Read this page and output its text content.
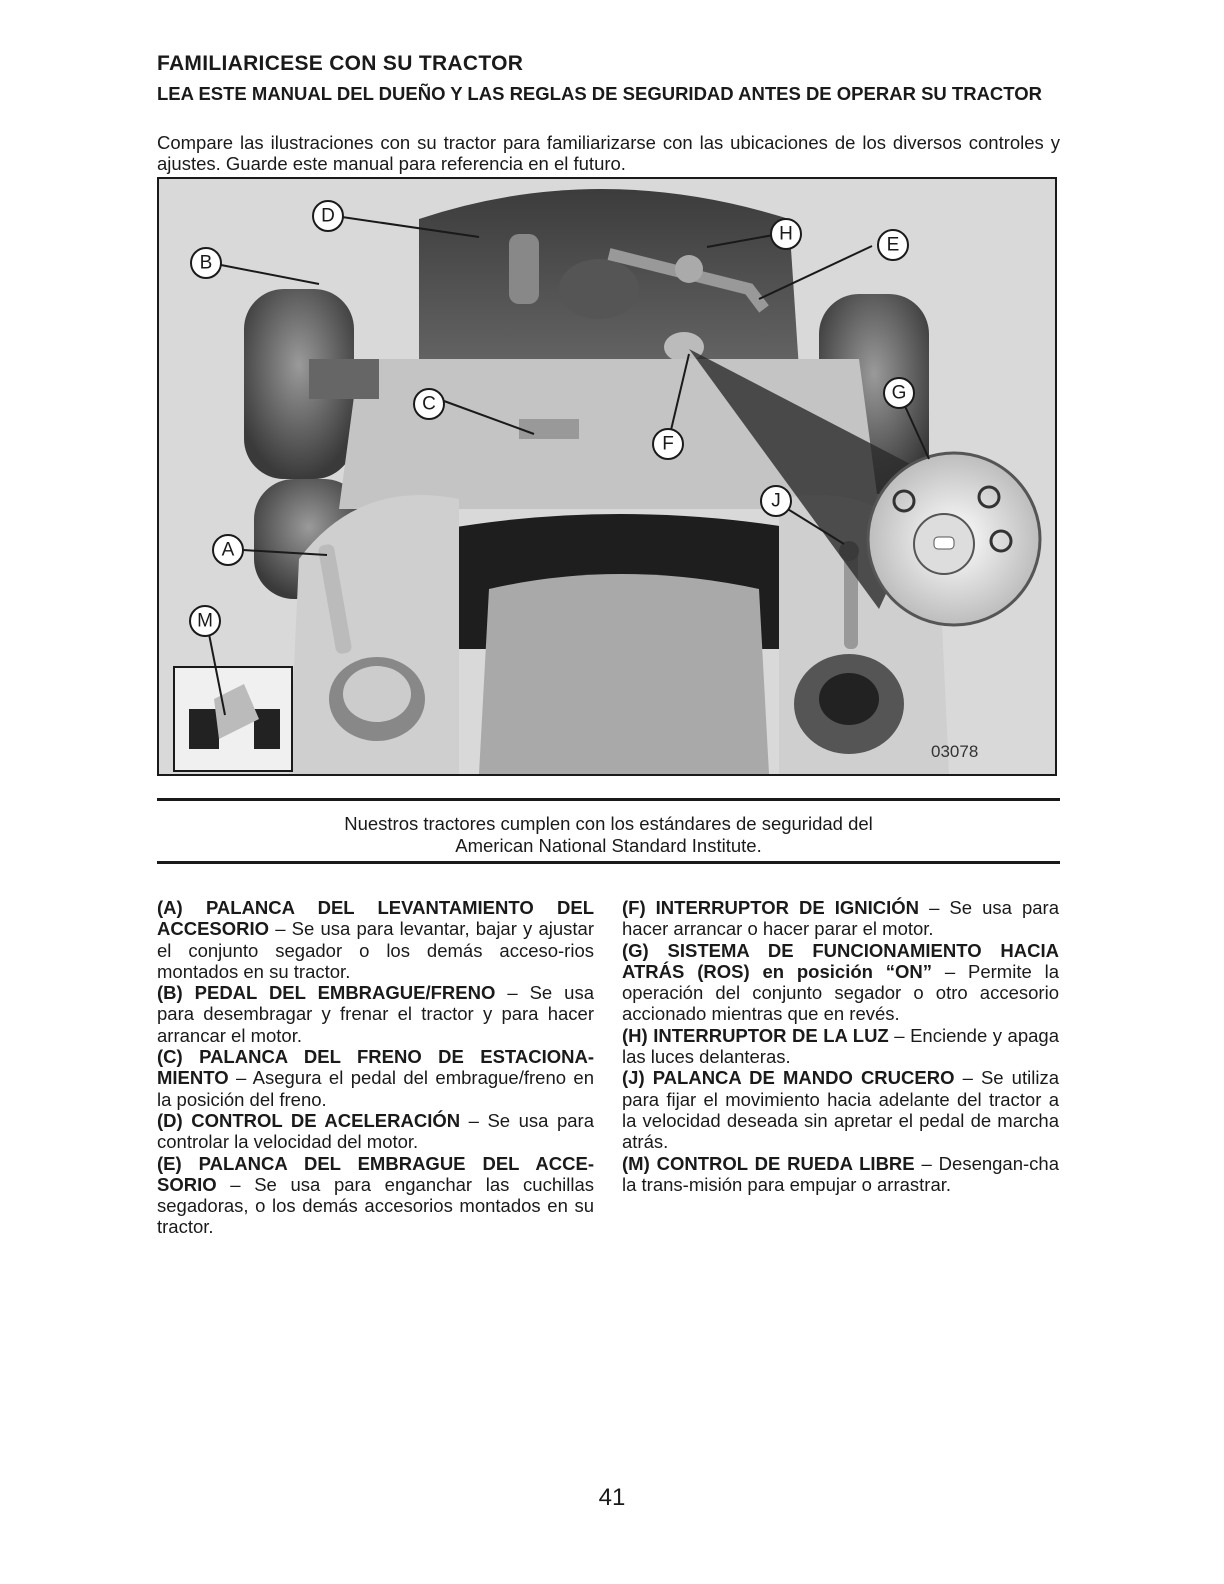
FAMILIARICESE CON SU TRACTOR
LEA ESTE MANUAL DEL DUEÑO Y LAS REGLAS DE SEGURIDAD ANTES DE OPERAR SU TRACTOR
Compare las ilustraciones con su tractor para familiarizarse con las ubicaciones de los diversos controles y ajustes. Guarde este manual para referencia en el futuro.
D
H
E
B
C
F
G
J
A
M
03078
Nuestros tractores cumplen con los estándares de seguridad del
American National Standard Institute.

(A) PALANCA DEL LEVANTAMIENTO DEL ACCESORIO – Se usa para levantar, bajar y ajustar el conjunto segador o los demás acceso-rios montados en su tractor.

(B) PEDAL DEL EMBRAGUE/FRENO – Se usa para desembragar y frenar el tractor y para hacer arrancar el motor.

(C) PALANCA DEL FRENO DE ESTACIONA-MIENTO – Asegura el pedal del embrague/freno en la posición del freno.

(D) CONTROL DE ACELERACIÓN – Se usa para controlar la velocidad del motor.

(E) PALANCA DEL EMBRAGUE DEL ACCE-SORIO – Se usa para enganchar las cuchillas segadoras, o los demás accesorios montados en su tractor.

(F) INTERRUPTOR DE IGNICIÓN – Se usa para hacer arrancar o hacer parar el motor.

(G) SISTEMA DE FUNCIONAMIENTO HACIA ATRÁS (ROS) en posición “ON” – Permite la operación del conjunto segador o otro accesorio accionado mientras que en revés.

(H) INTERRUPTOR DE LA LUZ – Enciende y apaga las luces delanteras.

(J) PALANCA DE MANDO CRUCERO – Se utiliza para fijar el movimiento hacia adelante del tractor a la velocidad deseada sin apretar el pedal de marcha atrás.

(M) CONTROL DE RUEDA LIBRE – Desengan-cha la trans-misión para empujar o arrastrar.

41
